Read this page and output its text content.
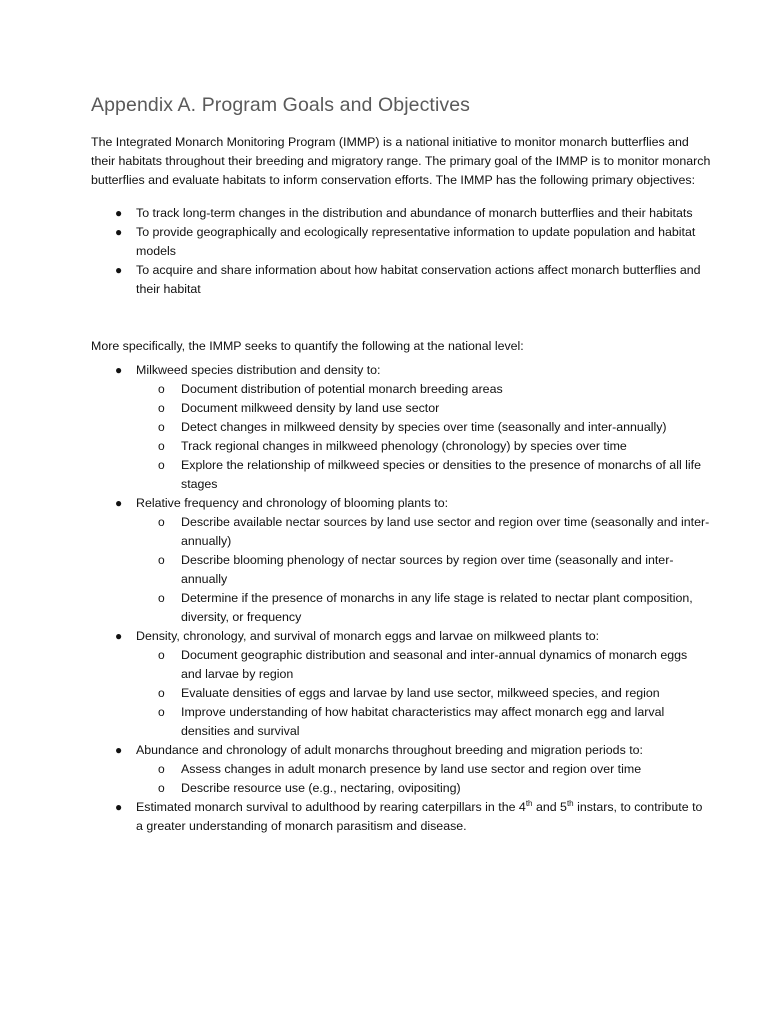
Appendix A. Program Goals and Objectives

The Integrated Monarch Monitoring Program (IMMP) is a national initiative to monitor monarch butterflies and their habitats throughout their breeding and migratory range. The primary goal of the IMMP is to monitor monarch butterflies and evaluate habitats to inform conservation efforts. The IMMP has the following primary objectives:

● To track long-term changes in the distribution and abundance of monarch butterflies and their habitats
● To provide geographically and ecologically representative information to update population and habitat models
● To acquire and share information about how habitat conservation actions affect monarch butterflies and their habitat

More specifically, the IMMP seeks to quantify the following at the national level:

● Milkweed species distribution and density to:
o Document distribution of potential monarch breeding areas
o Document milkweed density by land use sector
o Detect changes in milkweed density by species over time (seasonally and inter-annually)
o Track regional changes in milkweed phenology (chronology) by species over time
o Explore the relationship of milkweed species or densities to the presence of monarchs of all life stages
● Relative frequency and chronology of blooming plants to:
o Describe available nectar sources by land use sector and region over time (seasonally and inter-annually)
o Describe blooming phenology of nectar sources by region over time (seasonally and inter-annually
o Determine if the presence of monarchs in any life stage is related to nectar plant composition, diversity, or frequency
● Density, chronology, and survival of monarch eggs and larvae on milkweed plants to:
o Document geographic distribution and seasonal and inter-annual dynamics of monarch eggs and larvae by region
o Evaluate densities of eggs and larvae by land use sector, milkweed species, and region
o Improve understanding of how habitat characteristics may affect monarch egg and larval densities and survival
● Abundance and chronology of adult monarchs throughout breeding and migration periods to:
o Assess changes in adult monarch presence by land use sector and region over time
o Describe resource use (e.g., nectaring, ovipositing)
● Estimated monarch survival to adulthood by rearing caterpillars in the 4th and 5th instars, to contribute to a greater understanding of monarch parasitism and disease.
